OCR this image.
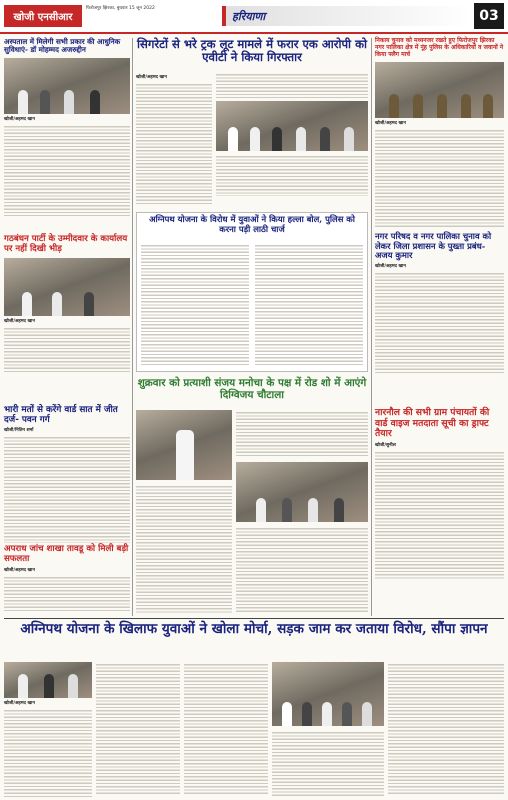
खोजी एनसीआर
फिरोजपुर झिरका, बुधवार 15 जून 2022
हरियाणा	03
अस्पताल में मिलेगी सभी प्रकार की आधुनिक सुविधाएं- डॉ मोहम्मद अजरुद्दीन
खोजी/अहमद खान
गठबंधन पार्टी के उम्मीदवार के कार्यालय पर नहीं दिखी भीड़
खोजी/अहमद खान
भारी मतों से करेंगे वार्ड सात में जीत दर्ज- पवन गर्ग
खोजी/नितिन शर्मा
अपराध जांच शाखा तावडू को मिली बड़ी सफलता
खोजी/अहमद खान
सिगरेटों से भरे ट्रक लूट मामले में फरार एक आरोपी को एवीटी ने किया गिरफ्तार
खोजी/अहमद खान
अग्निपथ योजना के विरोध में युवाओं ने किया हल्ला बोल, पुलिस को करना पड़ी लाठी चार्ज
शुक्रवार को प्रत्याशी संजय मनोचा के पक्ष में रोड शो में आएंगे दिग्विजय चौटाला
निकाय चुनाव को मध्यनजर रखते हुए फिरोजपुर झिरका नगर पालिका क्षेत्र में नूंह पुलिस के अधिकारियों व जवानों ने किया फ्लैग मार्च
खोजी/अहमद खान
नगर परिषद व नगर पालिका चुनाव को लेकर जिला प्रशासन के पुख्ता प्रबंध- अजय कुमार
खोजी/अहमद खान
नारनौल की सभी ग्राम पंचायतों की वार्ड वाइज मतदाता सूची का ड्राफ्ट तैयार
खोजी/सुनील
अग्निपथ योजना के खिलाफ युवाओं ने खोला मोर्चा, सड़क जाम कर जताया विरोध, सौंपा ज्ञापन
खोजी/अहमद खान
